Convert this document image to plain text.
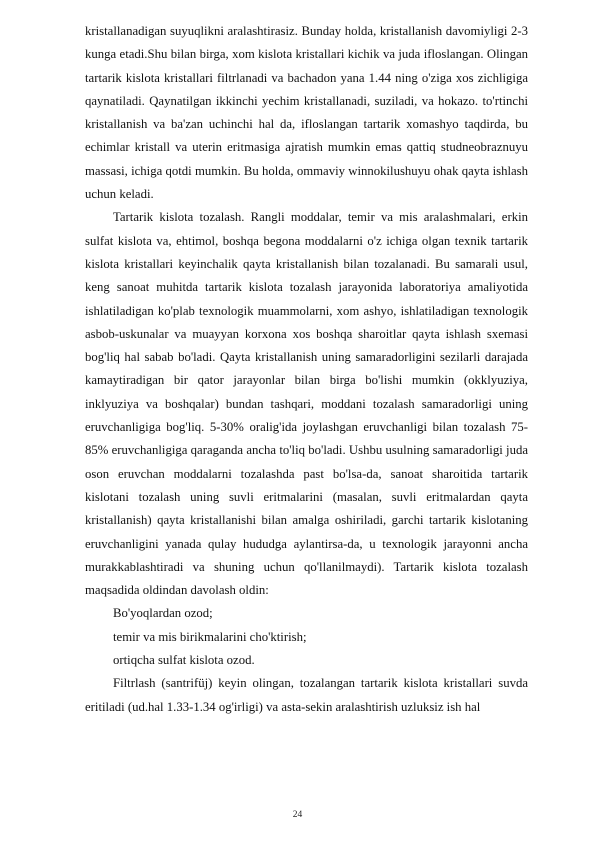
kristallanadigan suyuqlikni aralashtirasiz. Bunday holda, kristallanish davomiyligi 2-3 kunga etadi.Shu bilan birga, xom kislota kristallari kichik va juda ifloslangan. Olingan tartarik kislota kristallari filtrlanadi va bachadon yana 1.44 ning o'ziga xos zichligiga qaynatiladi. Qaynatilgan ikkinchi yechim kristallanadi, suziladi, va hokazo. to'rtinchi kristallanish va ba'zan uchinchi hal da, ifloslangan tartarik xomashyo taqdirda, bu echimlar kristall va uterin eritmasiga ajratish mumkin emas qattiq studneobraznuyu massasi, ichiga qotdi mumkin. Bu holda, ommaviy winnokilushuyu ohak qayta ishlash uchun keladi.

Tartarik kislota tozalash. Rangli moddalar, temir va mis aralashmalari, erkin sulfat kislota va, ehtimol, boshqa begona moddalarni o'z ichiga olgan texnik tartarik kislota kristallari keyinchalik qayta kristallanish bilan tozalanadi. Bu samarali usul, keng sanoat muhitda tartarik kislota tozalash jarayonida laboratoriya amaliyotida ishlatiladigan ko'plab texnologik muammolarni, xom ashyo, ishlatiladigan texnologik asbob-uskunalar va muayyan korxona xos boshqa sharoitlar qayta ishlash sxemasi bog'liq hal sabab bo'ladi. Qayta kristallanish uning samaradorligini sezilarli darajada kamaytiradigan bir qator jarayonlar bilan birga bo'lishi mumkin (okklyuziya, inklyuziya va boshqalar) bundan tashqari, moddani tozalash samaradorligi uning eruvchanligiga bog'liq. 5-30% oralig'ida joylashgan eruvchanligi bilan tozalash 75-85% eruvchanligiga qaraganda ancha to'liq bo'ladi. Ushbu usulning samaradorligi juda oson eruvchan moddalarni tozalashda past bo'lsa-da, sanoat sharoitida tartarik kislotani tozalash uning suvli eritmalarini (masalan, suvli eritmalardan qayta kristallanish) qayta kristallanishi bilan amalga oshiriladi, garchi tartarik kislotaning eruvchanligini yanada qulay hududga aylantirsa-da, u texnologik jarayonni ancha murakkablashtiradi va shuning uchun qo'llanilmaydi). Tartarik kislota tozalash maqsadida oldindan davolash oldin:

Bo'yoqlardan ozod;

temir va mis birikmalarini cho'ktirish;

ortiqcha sulfat kislota ozod.

Filtrlash (santrifüj) keyin olingan, tozalangan tartarik kislota kristallari suvda eritiladi (ud.hal 1.33-1.34 og'irligi) va asta-sekin aralashtirish uzluksiz ish hal

24
